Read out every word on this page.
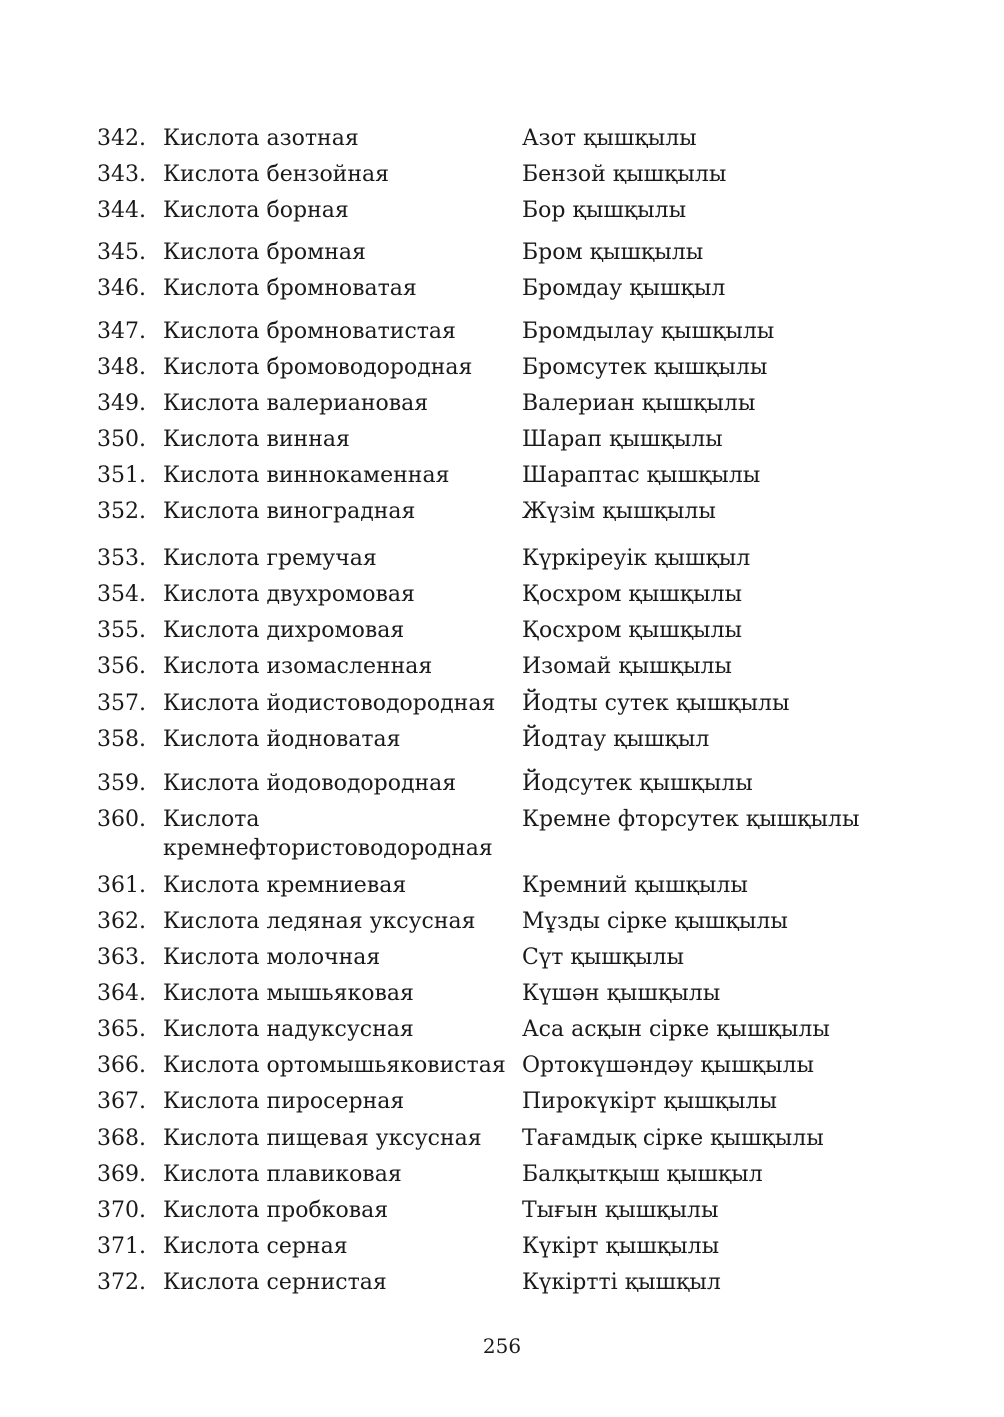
342. Кислота азотная	Азот қышқылы
343. Кислота бензойная	Бензой қышқылы
344. Кислота борная	Бор қышқылы
345. Кислота бромная	Бром қышқылы
346. Кислота бромноватая	Бромдау қышқыл
347. Кислота бромноватистая	Бромдылау қышқылы
348. Кислота бромоводородная	Бромсутек қышқылы
349. Кислота валериановая	Валериан қышқылы
350. Кислота винная	Шарап қышқылы
351. Кислота виннокаменная	Шараптас қышқылы
352. Кислота виноградная	Жүзім қышқылы
353. Кислота гремучая	Күркіреуік қышқыл
354. Кислота двухромовая	Қосхром қышқылы
355. Кислота дихромовая	Қосхром қышқылы
356. Кислота изомасленная	Изомай қышқылы
357. Кислота йодистоводородная	Йодты сутек қышқылы
358. Кислота йодноватая	Йодтау қышқыл
359. Кислота йодоводородная	Йодсутек қышқылы
360. Кислота кремнефтористоводородная
Кремне фторсутек қышқылы
361. Кислота кремниевая	Кремний қышқылы
362. Кислота ледяная уксусная	Мұзды сірке қышқылы
363. Кислота молочная	Сүт қышқылы
364. Кислота мышьяковая	Күшән қышқылы
365. Кислота надуксусная	Аса асқын сірке қышқылы
366. Кислота ортомышьяковистая Ортокүшәндәу қышқылы
367. Кислота пиросерная	Пирокүкірт қышқылы
368. Кислота пищевая уксусная	Тағамдық сірке қышқылы
369. Кислота плавиковая	Балқытқыш қышқыл
370. Кислота пробковая	Тығын қышқылы
371. Кислота серная	Күкірт қышқылы
372. Кислота сернистая	Күкіртті қышқыл
256
